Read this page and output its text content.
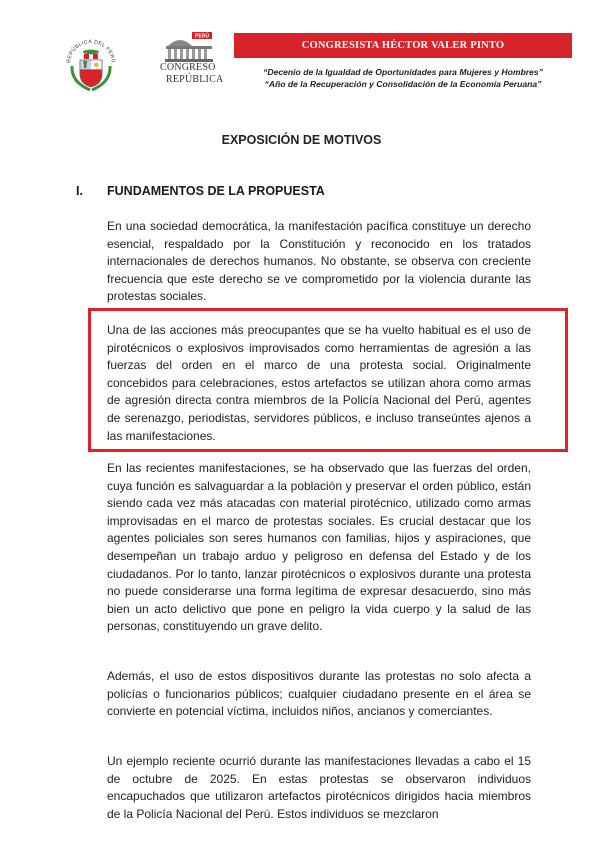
REPÚBLICA DEL PERÚ
PERÚ
CONGRESO
REPÚBLICA
CONGRESISTA HÉCTOR VALER PINTO
“Decenio de la Igualdad de Oportunidades para Mujeres y Hombres”
“Año de la Recuperación y Consolidación de la Economía Peruana”
EXPOSICIÓN DE MOTIVOS
I. FUNDAMENTOS DE LA PROPUESTA

En una sociedad democrática, la manifestación pacífica constituye un derecho esencial, respaldado por la Constitución y reconocido en los tratados internacionales de derechos humanos. No obstante, se observa con creciente frecuencia que este derecho se ve comprometido por la violencia durante las protestas sociales.

Una de las acciones más preocupantes que se ha vuelto habitual es el uso de pirotécnicos o explosivos improvisados como herramientas de agresión a las fuerzas del orden en el marco de una protesta social. Originalmente concebidos para celebraciones, estos artefactos se utilizan ahora como armas de agresión directa contra miembros de la Policía Nacional del Perú, agentes de serenazgo, periodistas, servidores públicos, e incluso transeúntes ajenos a las manifestaciones.

En las recientes manifestaciones, se ha observado que las fuerzas del orden, cuya función es salvaguardar a la población y preservar el orden público, están siendo cada vez más atacadas con material pirotécnico, utilizado como armas improvisadas en el marco de protestas sociales. Es crucial destacar que los agentes policiales son seres humanos con familias, hijos y aspiraciones, que desempeñan un trabajo arduo y peligroso en defensa del Estado y de los ciudadanos. Por lo tanto, lanzar pirotécnicos o explosivos durante una protesta no puede considerarse una forma legítima de expresar desacuerdo, sino más bien un acto delictivo que pone en peligro la vida cuerpo y la salud de las personas, constituyendo un grave delito.

Además, el uso de estos dispositivos durante las protestas no solo afecta a policías o funcionarios públicos; cualquier ciudadano presente en el área se convierte en potencial víctima, incluidos niños, ancianos y comerciantes.

Un ejemplo reciente ocurrió durante las manifestaciones llevadas a cabo el 15 de octubre de 2025. En estas protestas se observaron individuos encapuchados que utilizaron artefactos pirotécnicos dirigidos hacia miembros de la Policía Nacional del Perú. Estos individuos se mezclaron
